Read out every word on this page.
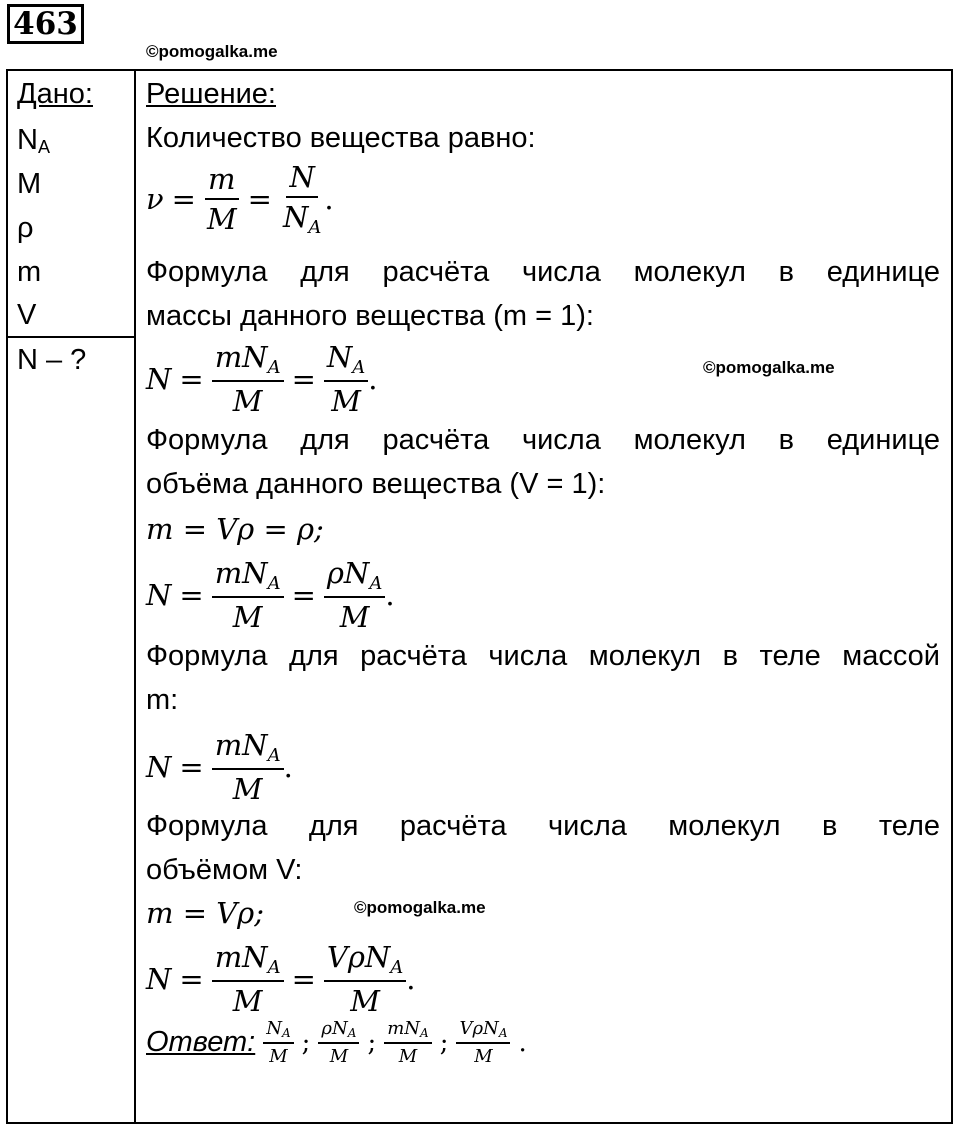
463
©pomogalka.me
©pomogalka.me
©pomogalka.me
Дано:
$N_A$
M
ρ
m
V
N – ?
Решение:
Количество вещества равно:
$\nu = \frac{m}{M} = \frac{N}{N_A}$ .
Формула для расчёта числа молекул в единице
массы данного вещества (m = 1):
$N = \frac{mN_A}{M} = \frac{N_A}{M}$ .
Формула для расчёта числа молекул в единице
объёма данного вещества (V = 1):
m = Vρ = ρ;
$N = \frac{mN_A}{M} = \frac{\rho N_A}{M}$ .
Формула для расчёта числа молекул в теле массой
m:
$N = \frac{mN_A}{M}$ .
Формула для расчёта числа молекул в теле
объёмом V:
m = Vρ;
$N = \frac{mN_A}{M} = \frac{V\rho N_A}{M}$ .
Ответ: $\frac{N_A}{M}$ ; $\frac{\rho N_A}{M}$ ; $\frac{mN_A}{M}$ ; $\frac{V\rho N_A}{M}$ .
